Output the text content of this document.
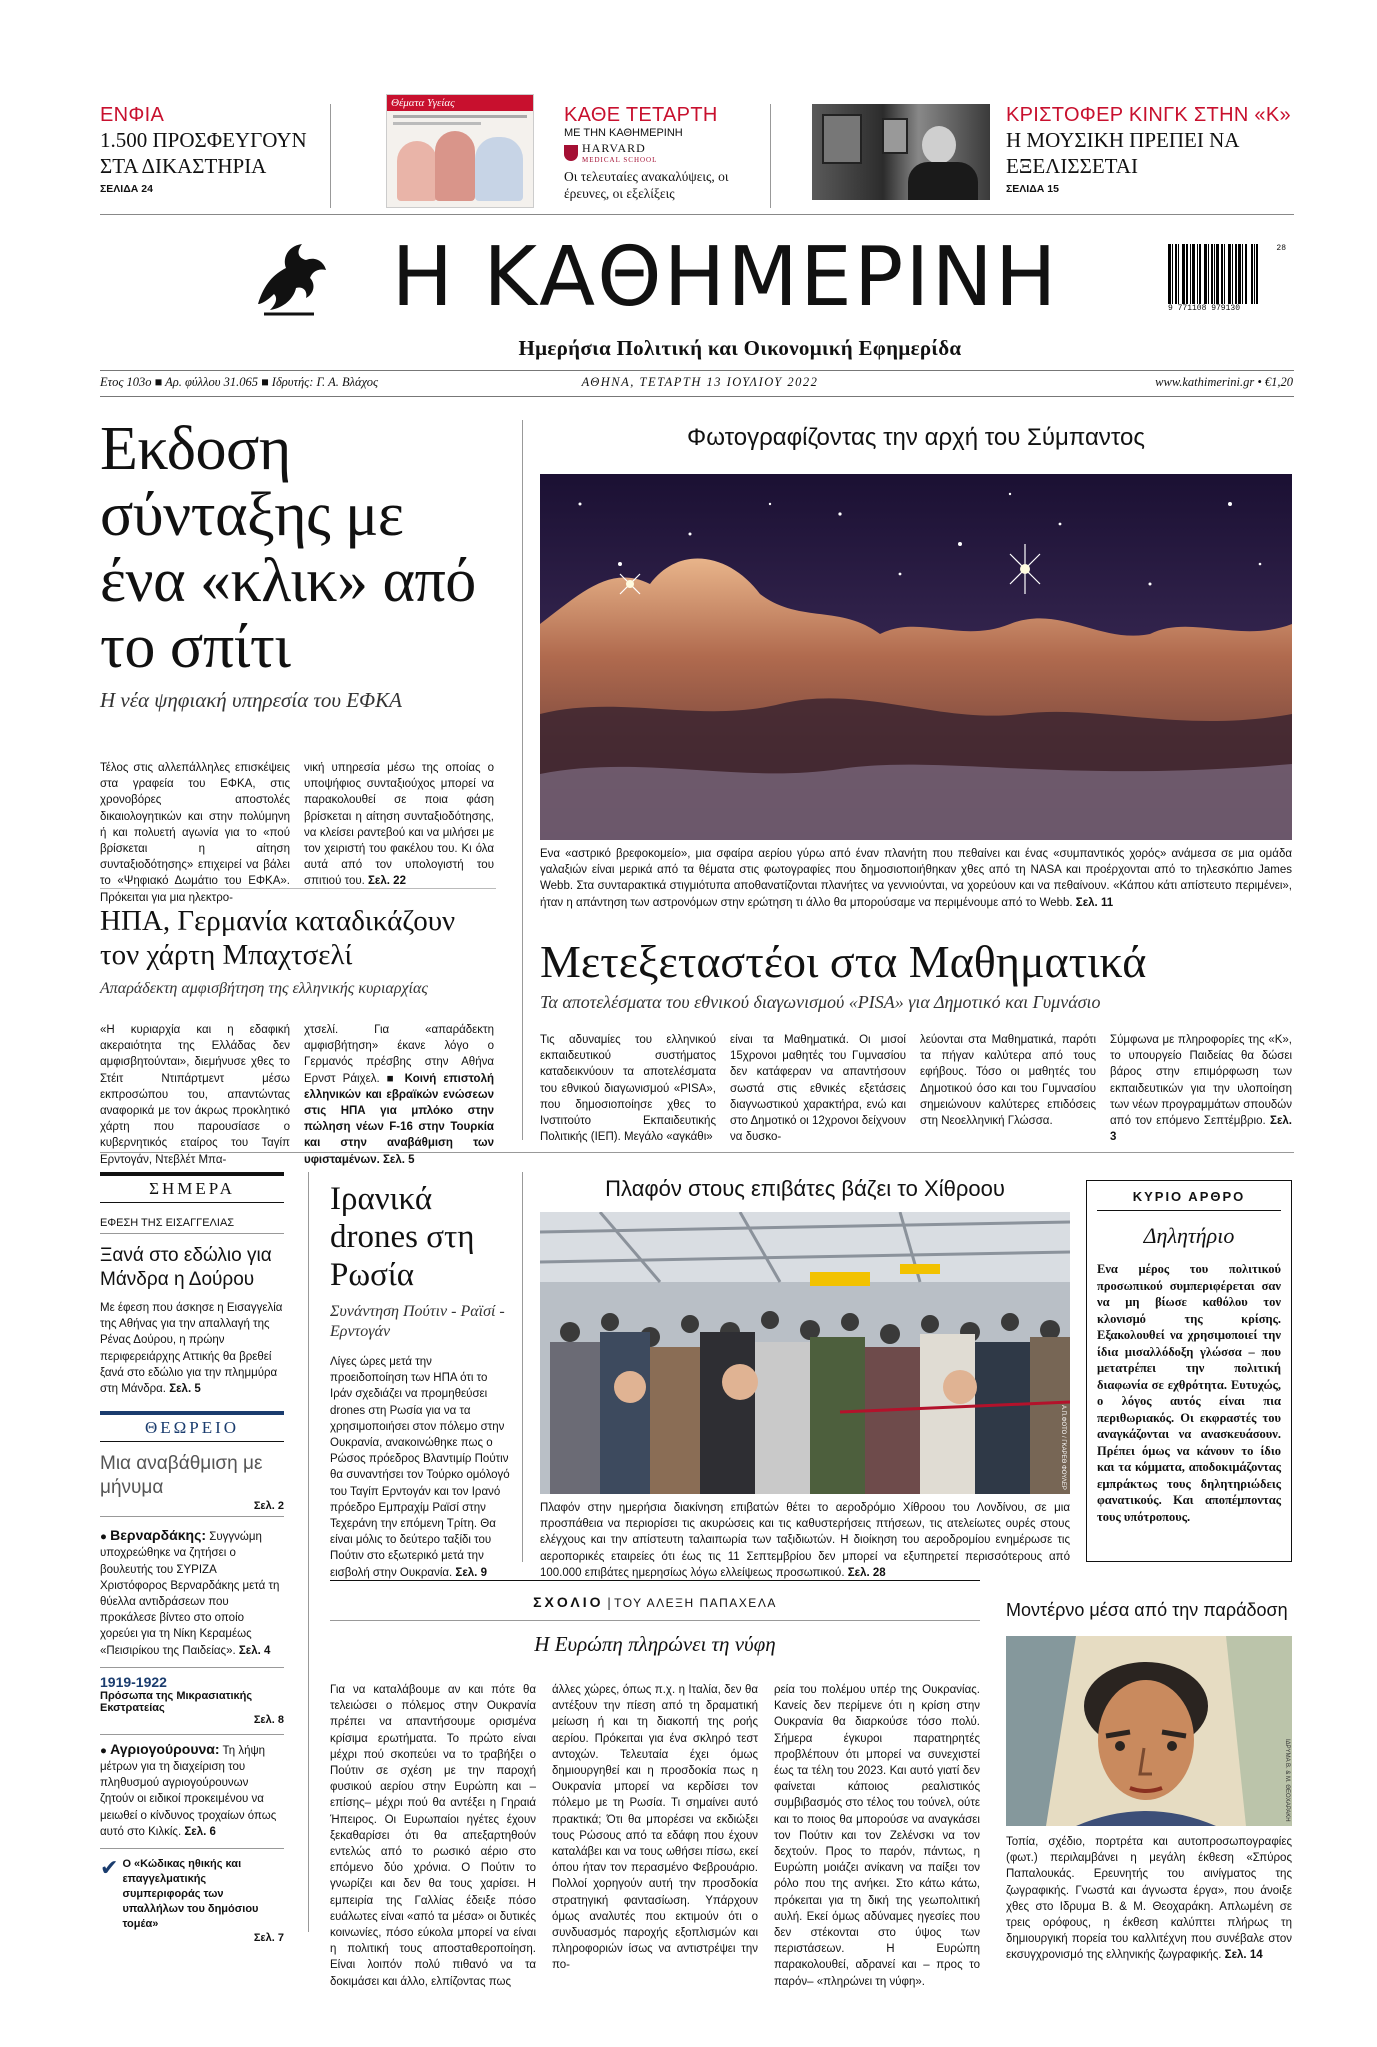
ΕΝΦΙΑ
1.500 ΠΡΟΣΦΕΥΓΟΥΝ ΣΤΑ ΔΙΚΑΣΤΗΡΙΑ
ΣΕΛΙΔΑ 24
Θέματα Υγείας
ΚΑΘΕ ΤΕΤΑΡΤΗ
ΜΕ ΤΗΝ ΚΑΘΗΜΕΡΙΝΗ
HARVARD
MEDICAL SCHOOL
Οι τελευταίες ανακαλύψεις, οι έρευνες, οι εξελίξεις
ΚΡΙΣΤΟΦΕΡ ΚΙΝΓΚ ΣΤΗΝ «Κ»
Η ΜΟΥΣΙΚΗ ΠΡΕΠΕΙ ΝΑ ΕΞΕΛΙΣΣΕΤΑΙ
ΣΕΛΙΔΑ 15
Η ΚΑΘΗΜΕΡΙΝΗ
Ημερήσια Πολιτική και Οικονομική Εφημερίδα
9 771108 979130
28
Ετος 103ο ■ Αρ. φύλλου 31.065 ■ Ιδρυτής: Γ. Α. Βλάχος	ΑΘΗΝΑ, ΤΕΤΑΡΤΗ 13 ΙΟΥΛΙΟΥ 2022	www.kathimerini.gr • €1,20
Εκδοση σύνταξης με ένα «κλικ» από το σπίτι
Η νέα ψηφιακή υπηρεσία του ΕΦΚΑ
Τέλος στις αλλεπάλληλες επισκέψεις στα γραφεία του ΕΦΚΑ, στις χρονοβόρες αποστολές δικαιολογητικών και στην πολύμηνη ή και πολυετή αγωνία για το «πού βρίσκεται η αίτηση συνταξιοδότησης» επιχειρεί να βάλει το «Ψηφιακό Δωμάτιο του ΕΦΚΑ». Πρόκειται για μια ηλεκτρο-
νική υπηρεσία μέσω της οποίας ο υποψήφιος συνταξιούχος μπορεί να παρακολουθεί σε ποια φάση βρίσκεται η αίτηση συνταξιοδότησης, να κλείσει ραντεβού και να μιλήσει με τον χειριστή του φακέλου του. Κι όλα αυτά από τον υπολογιστή του σπιτιού του. Σελ. 22
ΗΠΑ, Γερμανία καταδικάζουν τον χάρτη Μπαχτσελί
Απαράδεκτη αμφισβήτηση της ελληνικής κυριαρχίας
«Η κυριαρχία και η εδαφική ακεραιότητα της Ελλάδας δεν αμφισβητούνται», διεμήνυσε χθες το Στέιτ Ντιπάρτμεντ μέσω εκπροσώπου του, απαντώντας αναφορικά με τον άκρως προκλητικό χάρτη που παρουσίασε ο κυβερνητικός εταίρος του Ταγίπ Ερντογάν, Ντεβλέτ Μπα-
χτσελί. Για «απαράδεκτη αμφισβήτηση» έκανε λόγο ο Γερμανός πρέσβης στην Αθήνα Ερνστ Ράιχελ. ■ Κοινή επιστολή ελληνικών και εβραϊκών ενώσεων στις ΗΠΑ για μπλόκο στην πώληση νέων F-16 στην Τουρκία και στην αναβάθμιση των υφισταμένων. Σελ. 5
Φωτογραφίζοντας την αρχή του Σύμπαντος
Ενα «αστρικό βρεφοκομείο», μια σφαίρα αερίου γύρω από έναν πλανήτη που πεθαίνει και ένας «συμπαντικός χορός» ανάμεσα σε μια ομάδα γαλαξιών είναι μερικά από τα θέματα στις φωτογραφίες που δημοσιοποιήθηκαν χθες από τη NASA και προέρχονται από το τηλεσκόπιο James Webb. Στα συνταρακτικά στιγμιότυπα αποθανατίζονται πλανήτες να γεννιούνται, να χορεύουν και να πεθαίνουν. «Κάπου κάτι απίστευτο περιμένει», ήταν η απάντηση των αστρονόμων στην ερώτηση τι άλλο θα μπορούσαμε να περιμένουμε από το Webb. Σελ. 11
Μετεξεταστέοι στα Μαθηματικά
Τα αποτελέσματα του εθνικού διαγωνισμού «PISA» για Δημοτικό και Γυμνάσιο
Τις αδυναμίες του ελληνικού εκπαιδευτικού συστήματος καταδεικνύουν τα αποτελέσματα του εθνικού διαγωνισμού «PISA», που δημοσιοποίησε χθες το Ινστιτούτο Εκπαιδευτικής Πολιτικής (ΙΕΠ). Μεγάλο «αγκάθι»
είναι τα Μαθηματικά. Οι μισοί 15χρονοι μαθητές του Γυμνασίου δεν κατάφεραν να απαντήσουν σωστά στις εθνικές εξετάσεις διαγνωστικού χαρακτήρα, ενώ και στο Δημοτικό οι 12χρονοι δείχνουν να δυσκο-
λεύονται στα Μαθηματικά, παρότι τα πήγαν καλύτερα από τους εφήβους. Τόσο οι μαθητές του Δημοτικού όσο και του Γυμνασίου σημειώνουν καλύτερες επιδόσεις στη Νεοελληνική Γλώσσα.
Σύμφωνα με πληροφορίες της «Κ», το υπουργείο Παιδείας θα δώσει βάρος στην επιμόρφωση των εκπαιδευτικών για την υλοποίηση των νέων προγραμμάτων σπουδών από τον επόμενο Σεπτέμβριο. Σελ. 3
ΣΗΜΕΡΑ
ΕΦΕΣΗ ΤΗΣ ΕΙΣΑΓΓΕΛΙΑΣ
Ξανά στο εδώλιο για Μάνδρα η Δούρου
Με έφεση που άσκησε η Εισαγγελία της Αθήνας για την απαλλαγή της Ρένας Δούρου, η πρώην περιφερειάρχης Αττικής θα βρεθεί ξανά στο εδώλιο για την πλημμύρα στη Μάνδρα. Σελ. 5
ΘΕΩΡΕΙΟ
Μια αναβάθμιση με μήνυμα
Σελ. 2
● Βερναρδάκης: Συγγνώμη υποχρεώθηκε να ζητήσει ο βουλευτής του ΣΥΡΙΖΑ Χριστόφορος Βερναρδάκης μετά τη θύελλα αντιδράσεων που προκάλεσε βίντεο στο οποίο χορεύει για τη Νίκη Κεραμέως «Πεισιρίκου της Παιδείας». Σελ. 4
1919-1922
Πρόσωπα της Μικρασιατικής Εκστρατείας
Σελ. 8
● Αγριογούρουνα: Τη λήψη μέτρων για τη διαχείριση του πληθυσμού αγριογούρουνων ζητούν οι ειδικοί προκειμένου να μειωθεί ο κίνδυνος τροχαίων όπως αυτό στο Κιλκίς. Σελ. 6
✔ Ο «Κώδικας ηθικής και επαγγελματικής συμπεριφοράς των υπαλλήλων του δημόσιου τομέα»
Σελ. 7
Ιρανικά drones στη Ρωσία
Συνάντηση Πούτιν - Ραϊσί - Ερντογάν
Λίγες ώρες μετά την προειδοποίηση των ΗΠΑ ότι το Ιράν σχεδιάζει να προμηθεύσει drones στη Ρωσία για να τα χρησιμοποιήσει στον πόλεμο στην Ουκρανία, ανακοινώθηκε πως ο Ρώσος πρόεδρος Βλαντιμίρ Πούτιν θα συναντήσει τον Τούρκο ομόλογό του Ταγίπ Ερντογάν και τον Ιρανό πρόεδρο Εμπραχίμ Ραϊσί στην Τεχεράνη την επόμενη Τρίτη. Θα είναι μόλις το δεύτερο ταξίδι του Πούτιν στο εξωτερικό μετά την εισβολή στην Ουκρανία. Σελ. 9
Πλαφόν στους επιβάτες βάζει το Χίθροου
Α.Π.ΦΟΤΟ / ΓΚΑΡΕΘ ΦΟΥΛΕΡ
Πλαφόν στην ημερήσια διακίνηση επιβατών θέτει το αεροδρόμιο Χίθροου του Λονδίνου, σε μια προσπάθεια να περιορίσει τις ακυρώσεις και τις καθυστερήσεις πτήσεων, τις ατελείωτες ουρές στους ελέγχους και την απίστευτη ταλαιπωρία των ταξιδιωτών. Η διοίκηση του αεροδρομίου ενημέρωσε τις αεροπορικές εταιρείες ότι έως τις 11 Σεπτεμβρίου δεν μπορεί να εξυπηρετεί περισσότερους από 100.000 επιβάτες ημερησίως λόγω ελλείψεως προσωπικού. Σελ. 28
ΚΥΡΙΟ ΑΡΘΡΟ
Δηλητήριο
Ενα μέρος του πολιτικού προσωπικού συμπεριφέρεται σαν να μη βίωσε καθόλου τον κλονισμό της κρίσης. Εξακολουθεί να χρησιμοποιεί την ίδια μισαλλόδοξη γλώσσα – που μετατρέπει την πολιτική διαφωνία σε εχθρότητα. Ευτυχώς, ο λόγος αυτός είναι πια περιθωριακός. Οι εκφραστές του αναγκάζονται να ανασκευάσουν. Πρέπει όμως να κάνουν το ίδιο και τα κόμματα, αποδοκιμάζοντας εμπράκτως τους δηλητηριώδεις φανατικούς. Και αποπέμποντας τους υπότροπους.
ΣΧΟΛΙΟ | ΤΟΥ ΑΛΕΞΗ ΠΑΠΑΧΕΛΑ
Η Ευρώπη πληρώνει τη νύφη
Για να καταλάβουμε αν και πότε θα τελειώσει ο πόλεμος στην Ουκρανία πρέπει να απαντήσουμε ορισμένα κρίσιμα ερωτήματα. Το πρώτο είναι μέχρι πού σκοπεύει να το τραβήξει ο Πούτιν σε σχέση με την παροχή φυσικού αερίου στην Ευρώπη και –επίσης– μέχρι πού θα αντέξει η Γηραιά Ήπειρος. Οι Ευρωπαίοι ηγέτες έχουν ξεκαθαρίσει ότι θα απεξαρτηθούν εντελώς από το ρωσικό αέριο στο επόμενο δύο χρόνια. Ο Πούτιν το γνωρίζει και δεν θα τους χαρίσει. Η εμπειρία της Γαλλίας έδειξε πόσο ευάλωτες είναι «από τα μέσα» οι δυτικές κοινωνίες, πόσο εύκολα μπορεί να είναι η πολιτική τους αποσταθεροποίηση. Είναι λοιπόν πολύ πιθανό να τα δοκιμάσει και άλλο, ελπίζοντας πως
άλλες χώρες, όπως π.χ. η Ιταλία, δεν θα αντέξουν την πίεση από τη δραματική μείωση ή και τη διακοπή της ροής αερίου. Πρόκειται για ένα σκληρό τεστ αντοχών. Τελευταία έχει όμως δημιουργηθεί και η προσδοκία πως η Ουκρανία μπορεί να κερδίσει τον πόλεμο με τη Ρωσία. Τι σημαίνει αυτό πρακτικά; Ότι θα μπορέσει να εκδιώξει τους Ρώσους από τα εδάφη που έχουν καταλάβει και να τους ωθήσει πίσω, εκεί όπου ήταν τον περασμένο Φεβρουάριο. Πολλοί χορηγούν αυτή την προσδοκία στρατηγική φαντασίωση. Υπάρχουν όμως αναλυτές που εκτιμούν ότι ο συνδυασμός παροχής εξοπλισμών και πληροφοριών ίσως να αντιστρέψει την πο-
ρεία του πολέμου υπέρ της Ουκρανίας. Κανείς δεν περίμενε ότι η κρίση στην Ουκρανία θα διαρκούσε τόσο πολύ. Σήμερα έγκυροι παρατηρητές προβλέπουν ότι μπορεί να συνεχιστεί έως τα τέλη του 2023. Και αυτό γιατί δεν φαίνεται κάποιος ρεαλιστικός συμβιβασμός στο τέλος του τούνελ, ούτε και το ποιος θα μπορούσε να αναγκάσει τον Πούτιν και τον Ζελένσκι να τον δεχτούν. Προς το παρόν, πάντως, η Ευρώπη μοιάζει ανίκανη να παίξει τον ρόλο που της ανήκει. Στο κάτω κάτω, πρόκειται για τη δική της γεωπολιτική αυλή. Εκεί όμως αδύναμες ηγεσίες που δεν στέκονται στο ύψος των περιστάσεων. Η Ευρώπη παρακολουθεί, αδρανεί και – προς το παρόν– «πληρώνει τη νύφη».
Μοντέρνο μέσα από την παράδοση
ΙΔΡΥΜΑ Β. & Μ. ΘΕΟΧΑΡΑΚΗ
Τοπία, σχέδιο, πορτρέτα και αυτοπροσωπογραφίες (φωτ.) περιλαμβάνει η μεγάλη έκθεση «Σπύρος Παπαλουκάς. Ερευνητής του αινίγματος της ζωγραφικής. Γνωστά και άγνωστα έργα», που άνοιξε χθες στο Ιδρυμα Β. & Μ. Θεοχαράκη. Απλωμένη σε τρεις ορόφους, η έκθεση καλύπτει πλήρως τη δημιουργική πορεία του καλλιτέχνη που συνέβαλε στον εκσυγχρονισμό της ελληνικής ζωγραφικής. Σελ. 14
